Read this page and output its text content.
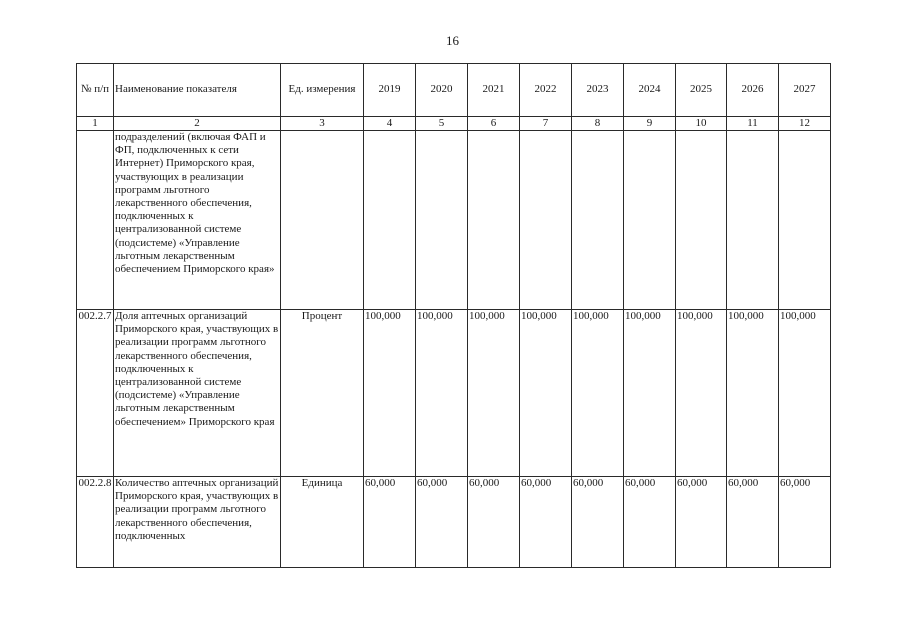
16
№ п/п	Наименование показателя	Ед. измерения	2019	2020	2021	2022	2023	2024	2025	2026	2027
1	2	3	4	5	6	7	8	9	10	11	12
	подразделений (включая ФАП и ФП, подключенных к сети Интернет) Приморского края, участвующих в реализации программ льготного лекарственного обеспечения, подключенных к централизованной системе (подсистеме) «Управление льготным лекарственным обеспечением Приморского края»										
002.2.7	Доля аптечных организаций Приморского края, участвующих в реализации программ льготного лекарственного обеспечения, подключенных к централизованной системе (подсистеме) «Управление льготным лекарственным обеспечением» Приморского края	Процент	100,000	100,000	100,000	100,000	100,000	100,000	100,000	100,000	100,000
002.2.8	Количество аптечных организаций Приморского края, участвующих в реализации программ льготного лекарственного обеспечения, подключенных	Единица	60,000	60,000	60,000	60,000	60,000	60,000	60,000	60,000	60,000
